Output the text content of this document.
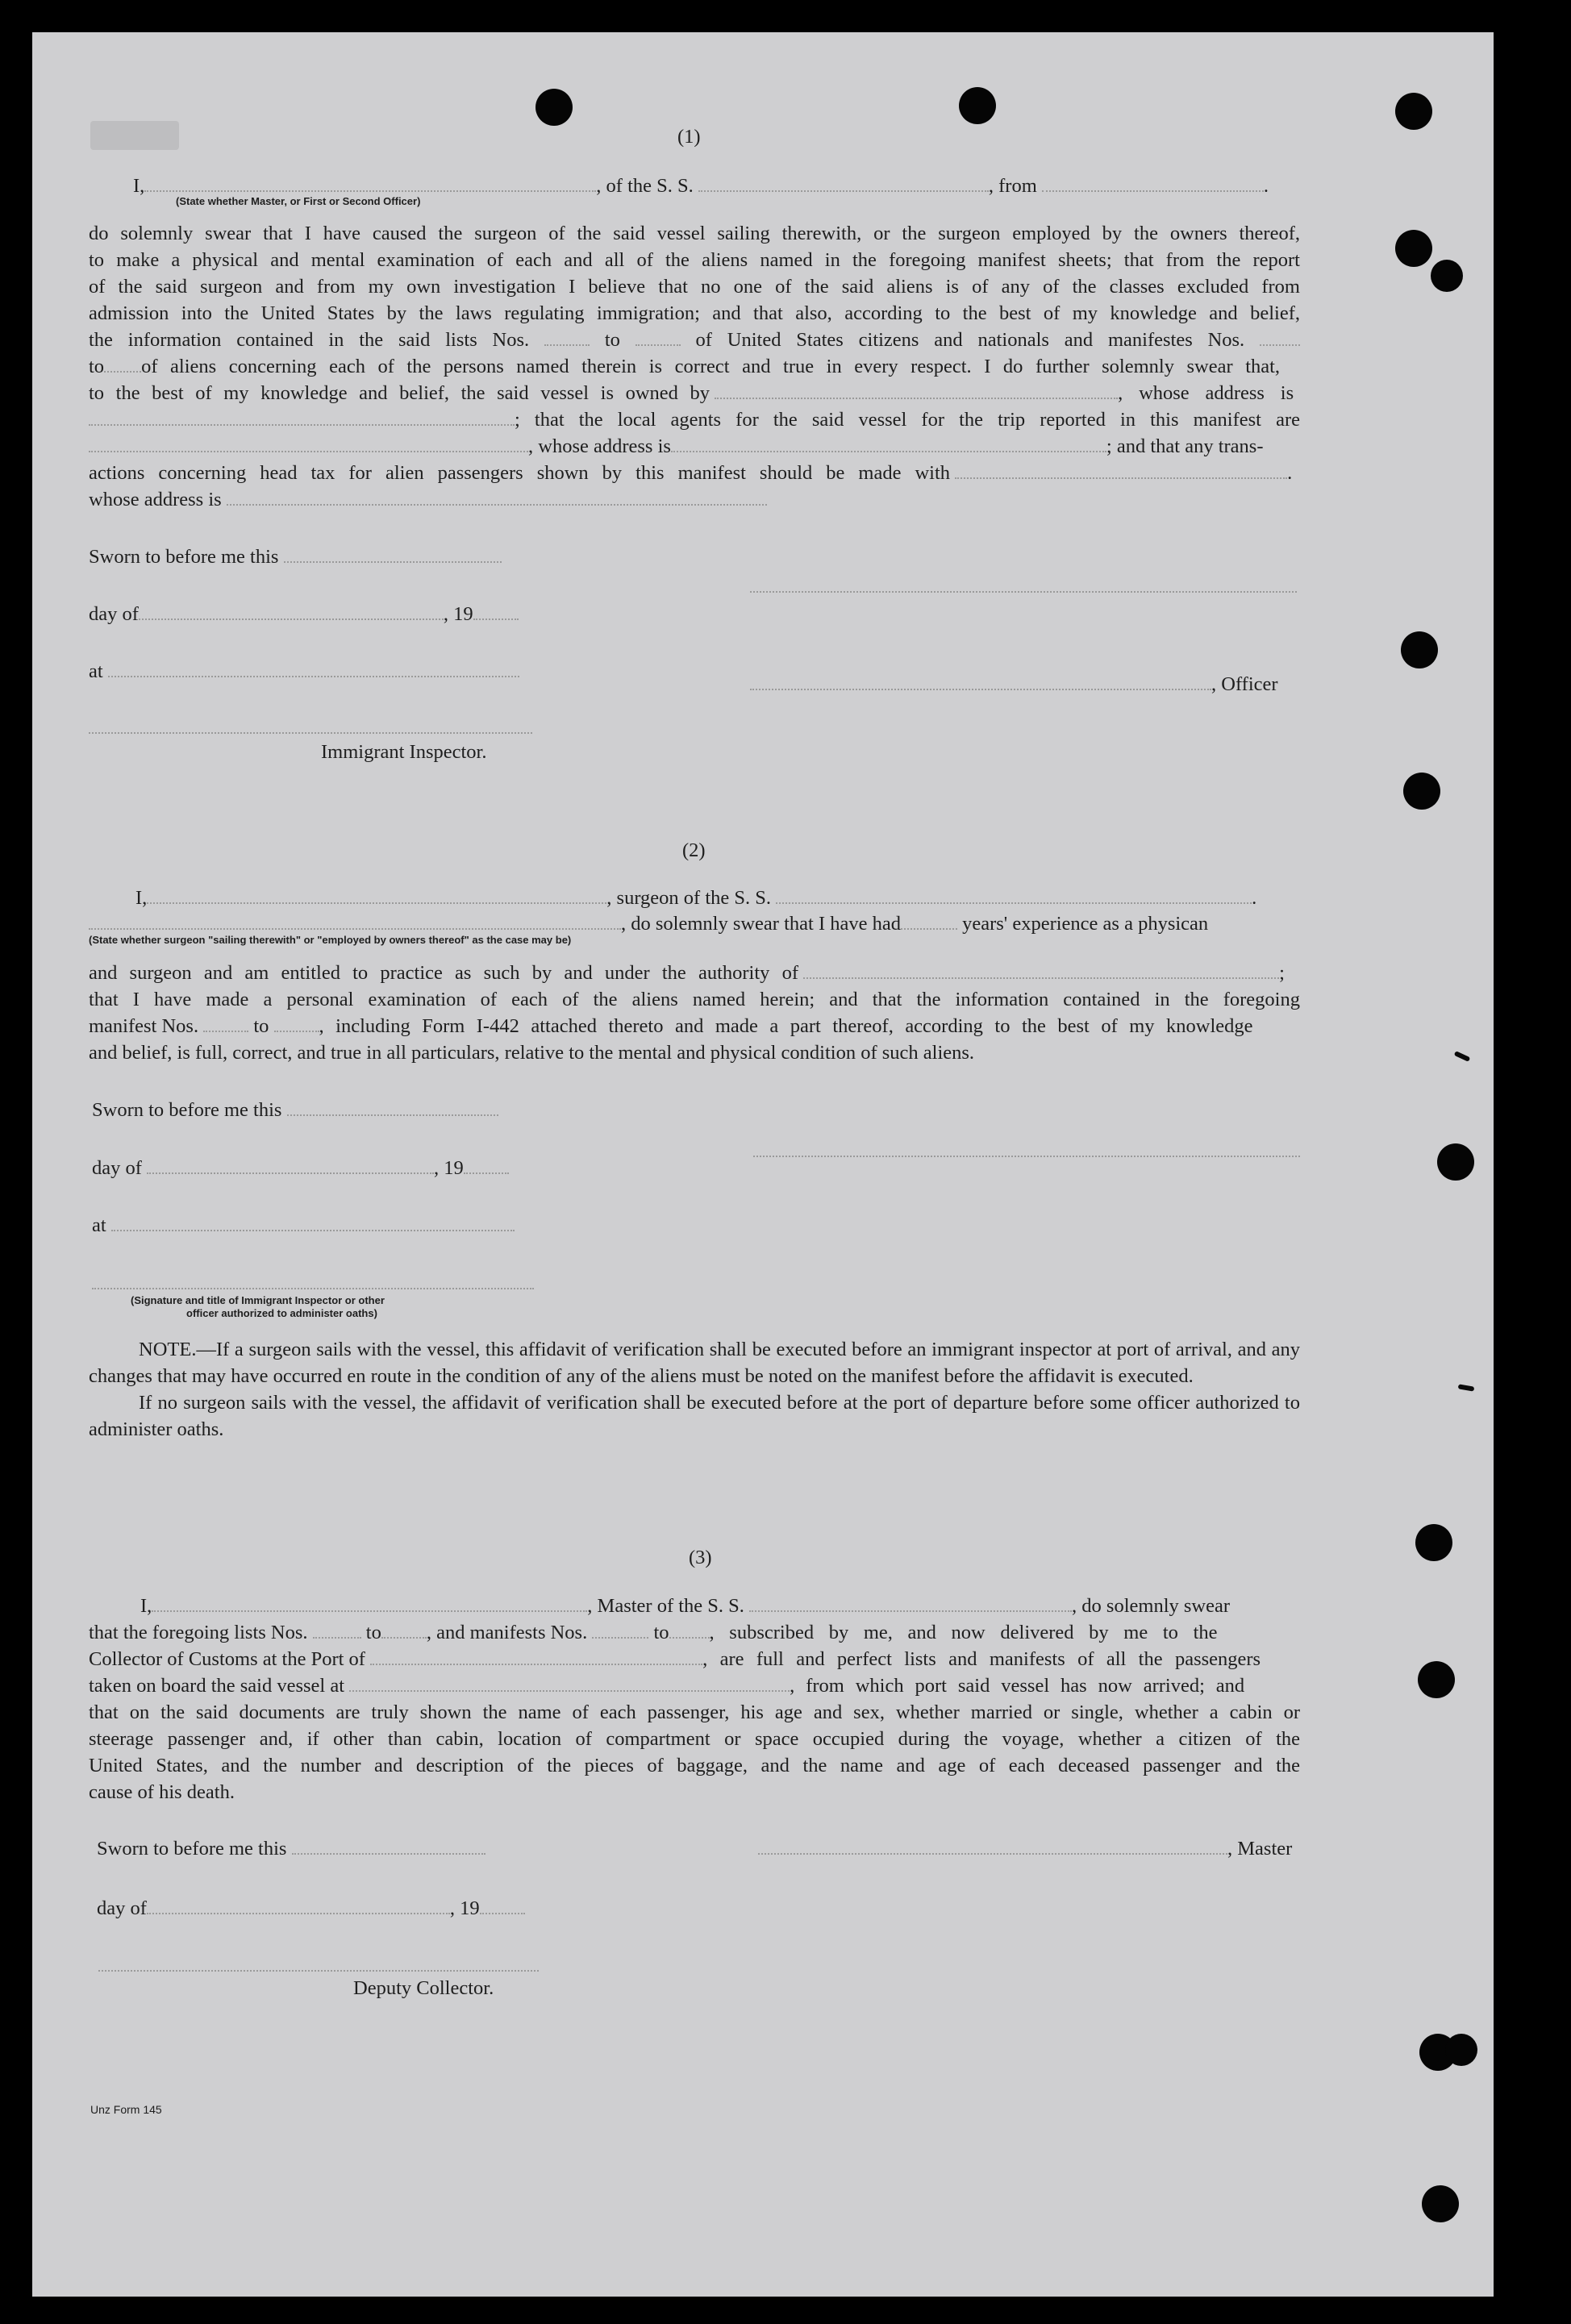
(1)
I,	, of the S. S.	, from	.
(State whether Master, or First or Second Officer)
do solemnly swear that I have caused the surgeon of the said vessel sailing therewith, or the surgeon employed by the owners thereof,
to make a physical and mental examination of each and all of the aliens named in the foregoing manifest sheets; that from the report
of the said surgeon and from my own investigation I believe that no one of the said aliens is of any of the classes excluded from
admission into the United States by the laws regulating immigration; and that also, according to the best of my knowledge and belief,
the information contained in the said lists Nos.	to	of United States citizens and nationals and manifestes Nos.
to of aliens concerning each of the persons named therein is correct and true in every respect. I do further solemnly swear that,
to the best of my knowledge and belief, the said vessel is owned by	, whose address is
; that the local agents for the said vessel for the trip reported in this manifest are
, whose address is	; and that any trans-
actions concerning head tax for alien passengers shown by this manifest should be made with	.
whose address is
Sworn to before me this
day of	, 19
at
, Officer
Immigrant Inspector.
(2)
I,	, surgeon of the S. S.	.
, do solemnly swear that I have had	years' experience as a physican
(State whether surgeon "sailing therewith" or "employed by owners thereof" as the case may be)
and surgeon and am entitled to practice as such by and under the authority of	;
that I have made a personal examination of each of the aliens named herein; and that the information contained in the foregoing
manifest Nos.	to	, including Form I-442 attached thereto and made a part thereof, according to the best of my knowledge
and belief, is full, correct, and true in all particulars, relative to the mental and physical condition of such aliens.
Sworn to before me this
day of	, 19
at
(Signature and title of Immigrant Inspector or other
officer authorized to administer oaths)

NOTE.—If a surgeon sails with the vessel, this affidavit of verification shall be executed before an immigrant inspector at port of arrival, and any changes that may have occurred en route in the condition of any of the aliens must be noted on the manifest before the affidavit is executed.

If no surgeon sails with the vessel, the affidavit of verification shall be executed before at the port of departure before some officer authorized to administer oaths.

(3)
I,	, Master of the S. S.	, do solemnly swear
that the foregoing lists Nos.	to , and manifests Nos.	to , subscribed by me, and now delivered by me to the
Collector of Customs at the Port of	, are full and perfect lists and manifests of all the passengers
taken on board the said vessel at	, from which port said vessel has now arrived; and
that on the said documents are truly shown the name of each passenger, his age and sex, whether married or single, whether a cabin or
steerage passenger and, if other than cabin, location of compartment or space occupied during the voyage, whether a citizen of the
United States, and the number and description of the pieces of baggage, and the name and age of each deceased passenger and the
cause of his death.
Sworn to before me this	, Master
day of	, 19
Deputy Collector.
Unz Form 145
